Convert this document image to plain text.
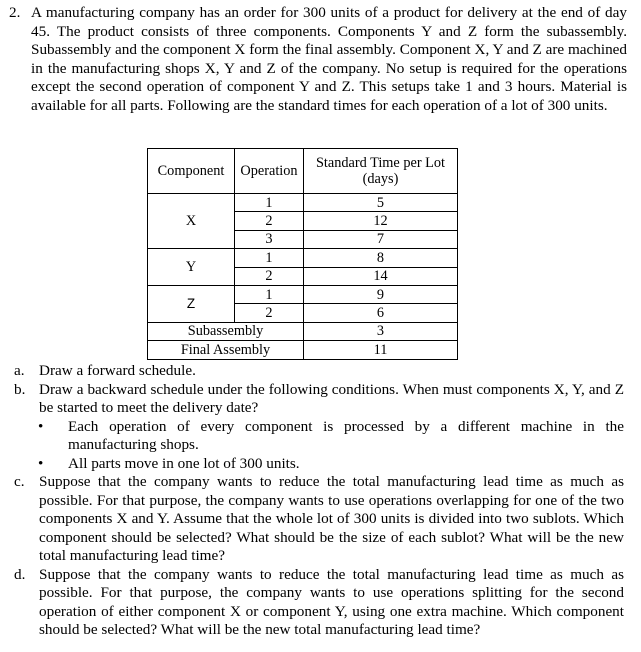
2. A manufacturing company has an order for 300 units of a product for delivery at the end of day 45. The product consists of three components. Components Y and Z form the subassembly. Subassembly and the component X form the final assembly. Component X, Y and Z are machined in the manufacturing shops X, Y and Z of the company. No setup is required for the operations except the second operation of component Y and Z. This setups take 1 and 3 hours. Material is available for all parts. Following are the standard times for each operation of a lot of 300 units.
Component	Operation	Standard Time per Lot (days)
X	1	5
	2	12
	3	7
Y	1	8
	2	14
Z	1	9
	2	6
Subassembly		3
Final Assembly		11
a. Draw a forward schedule.
b. Draw a backward schedule under the following conditions. When must components X, Y, and Z be started to meet the delivery date?
• Each operation of every component is processed by a different machine in the manufacturing shops.
• All parts move in one lot of 300 units.
c. Suppose that the company wants to reduce the total manufacturing lead time as much as possible. For that purpose, the company wants to use operations overlapping for one of the two components X and Y. Assume that the whole lot of 300 units is divided into two sublots. Which component should be selected? What should be the size of each sublot? What will be the new total manufacturing lead time?
d. Suppose that the company wants to reduce the total manufacturing lead time as much as possible. For that purpose, the company wants to use operations splitting for the second operation of either component X or component Y, using one extra machine. Which component should be selected? What will be the new total manufacturing lead time?
